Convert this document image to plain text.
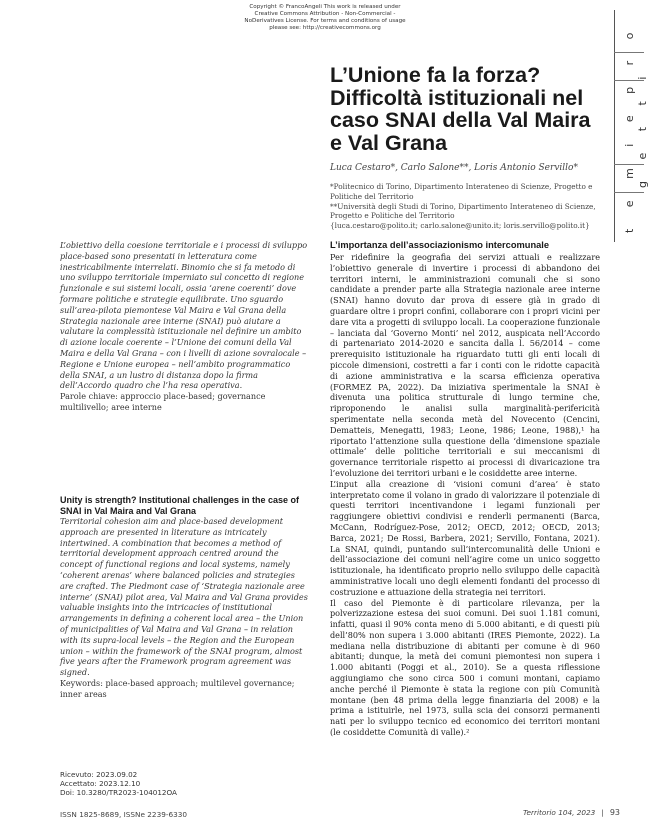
Copyright © FrancoAngeli This work is released under Creative Commons Attribution - Non-Commercial - NoDerivatives License. For terms and conditions of usage please see: http://creativecommons.org	t e m i e p r o g e t t i
L’Unione fa la forza? Difficoltà istituzionali nel caso SNAI della Val Maira e Val Grana
Luca Cestaro*, Carlo Salone**, Loris Antonio Servillo*
*Politecnico di Torino, Dipartimento Interateneo di Scienze, Progetto e Politiche del Territorio
**Università degli Studi di Torino, Dipartimento Interateneo di Scienze, Progetto e Politiche del Territorio
{luca.cestaro@polito.it; carlo.salone@unito.it; loris.servillo@polito.it}
L’obiettivo della coesione territoriale e i processi di sviluppo place-based sono presentati in letteratura come inestricabilmente interrelati. Binomio che si fa metodo di uno sviluppo territoriale imperniato sul concetto di regione funzionale e sui sistemi locali, ossia ‘arene coerenti’ dove formare politiche e strategie equilibrate. Uno sguardo sull’area-pilota piemontese Val Maira e Val Grana della Strategia nazionale aree interne (SNAI) può aiutare a valutare la complessità istituzionale nel definire un ambito di azione locale coerente – l’Unione dei comuni della Val Maira e della Val Grana – con i livelli di azione sovralocale – Regione e Unione europea – nell’ambito programmatico della SNAI, a un lustro di distanza dopo la firma dell’Accordo quadro che l’ha resa operativa.
Parole chiave: approccio place-based; governance multilivello; aree interne
Unity is strength? Institutional challenges in the case of SNAI in Val Maira and Val Grana
Territorial cohesion aim and place-based development approach are presented in literature as intricately intertwined. A combination that becomes a method of territorial development approach centred around the concept of functional regions and local systems, namely ‘coherent arenas’ where balanced policies and strategies are crafted. The Piedmont case of ‘Strategia nazionale aree interne’ (SNAI) pilot area, Val Maira and Val Grana provides valuable insights into the intricacies of institutional arrangements in defining a coherent local area – the Union of municipalities of Val Maira and Val Grana – in relation with its supra-local levels – the Region and the European union – within the framework of the SNAI program, almost five years after the Framework program agreement was signed.
Keywords: place-based approach; multilevel governance; inner areas
Ricevuto: 2023.09.02
Accettato: 2023.12.10
Doi: 10.3280/TR2023-104012OA
L’importanza dell’associazionismo intercomunale

Per ridefinire la geografia dei servizi attuali e realizzare l’obiettivo generale di invertire i processi di abbandono dei territori interni, le amministrazioni comunali che si sono candidate a prender parte alla Strategia nazionale aree interne (SNAI) hanno dovuto dar prova di essere già in grado di guardare oltre i propri confini, collaborare con i propri vicini per dare vita a progetti di sviluppo locali. La cooperazione funzionale – lanciata dal ‘Governo Monti’ nel 2012, auspicata nell’Accordo di partenariato 2014-2020 e sancita dalla l. 56/2014 – come prerequisito istituzionale ha riguardato tutti gli enti locali di piccole dimensioni, costretti a far i conti con le ridotte capacità di azione amministrativa e la scarsa efficienza operativa (FORMEZ PA, 2022). Da iniziativa sperimentale la SNAI è divenuta una politica strutturale di lungo termine che, riproponendo le analisi sulla marginalità-perifericità sperimentate nella seconda metà del Novecento (Cencini, Dematteis, Menegatti, 1983; Leone, 1986; Leone, 1988),¹ ha riportato l’attenzione sulla questione della ‘dimensione spaziale ottimale’ delle politiche territoriali e sui meccanismi di governance territoriale rispetto ai processi di divaricazione tra l’evoluzione dei territori urbani e le cosiddette aree interne.

L’input alla creazione di ‘visioni comuni d’area’ è stato interpretato come il volano in grado di valorizzare il potenziale di questi territori incentivandone i legami funzionali per raggiungere obiettivi condivisi e renderli permanenti (Barca, McCann, Rodríguez-Pose, 2012; OECD, 2012; OECD, 2013; Barca, 2021; De Rossi, Barbera, 2021; Servillo, Fontana, 2021). La SNAI, quindi, puntando sull’intercomunalità delle Unioni e dell’associazione dei comuni nell’agire come un unico soggetto istituzionale, ha identificato proprio nello sviluppo delle capacità amministrative locali uno degli elementi fondanti del processo di costruzione e attuazione della strategia nei territori.

Il caso del Piemonte è di particolare rilevanza, per la polverizzazione estesa dei suoi comuni. Dei suoi 1.181 comuni, infatti, quasi il 90% conta meno di 5.000 abitanti, e di questi più dell’80% non supera i 3.000 abitanti (IRES Piemonte, 2022). La mediana nella distribuzione di abitanti per comune è di 960 abitanti; dunque, la metà dei comuni piemontesi non supera i 1.000 abitanti (Poggi et al., 2010). Se a questa riflessione aggiungiamo che sono circa 500 i comuni montani, capiamo anche perché il Piemonte è stata la regione con più Comunità montane (ben 48 prima della legge finanziaria del 2008) e la prima a istituirle, nel 1973, sulla scia dei consorzi permanenti nati per lo sviluppo tecnico ed economico dei territori montani (le cosiddette Comunità di valle).²

ISSN 1825-8689, ISSNe 2239-6330	Territorio 104, 2023 | 93
